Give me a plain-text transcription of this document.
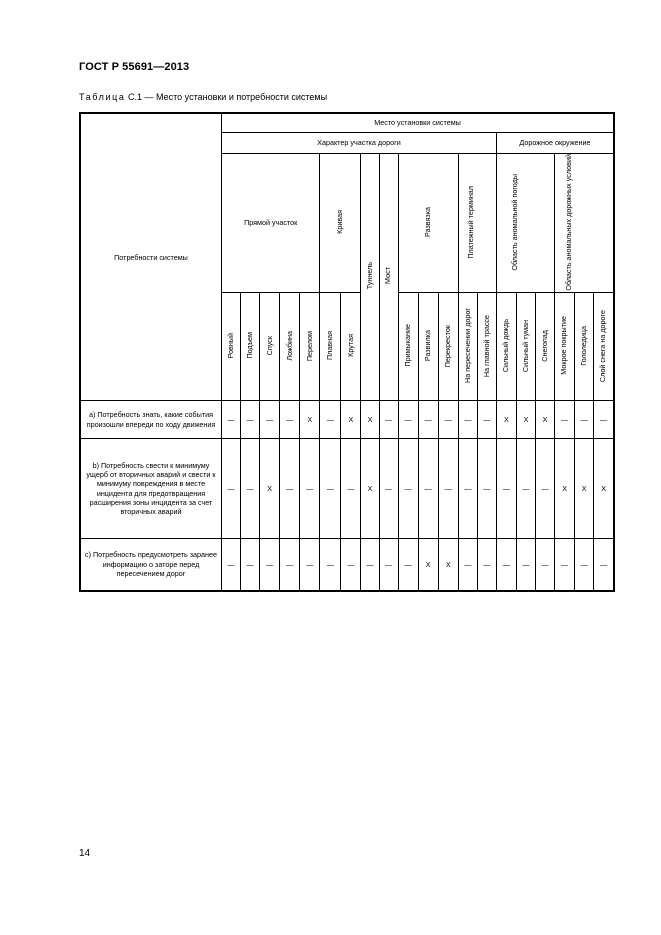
ГОСТ Р 55691—2013
Таблица C.1 — Место установки и потребности системы
Потребности системы	Место установки системы																			
	Характер участка дороги														Дорожное окружение					
	Прямой участок					Кривая		Туннель	Мост	Развязка			Платежный терминал		Область аномальной погоды			Область аномальных дорожных условий		
	Ровный	Подъем	Спуск	Ложбина	Перелом	Плавная	Крутая			Примыкание	Развилка	Перекресток	На пересечении дорог	На главной трассе	Сильный дождь	Сильный туман	Снегопад	Мокрое покрытие	Гололедица	Слой снега на дороге

a) Потребность знать, какие события произошли впереди по ходу движения	—	—	—	—	X	—	X	X	—	—	—	—	—	—	X	X	X	—	—	—
b) Потребность свести к минимуму ущерб от вторичных аварий и свести к минимуму повреждения в месте инцидента для предотвращения расширения зоны инцидента за счет вторичных аварий	—	—	X	—	—	—	—	X	—	—	—	—	—	—	—	—	—	X	X	X
c) Потребность предусмотреть заранее информацию о заторе перед пересечением дорог	—	—	—	—	—	—	—	—	—	—	X	X	—	—	—	—	—	—	—	—
14
